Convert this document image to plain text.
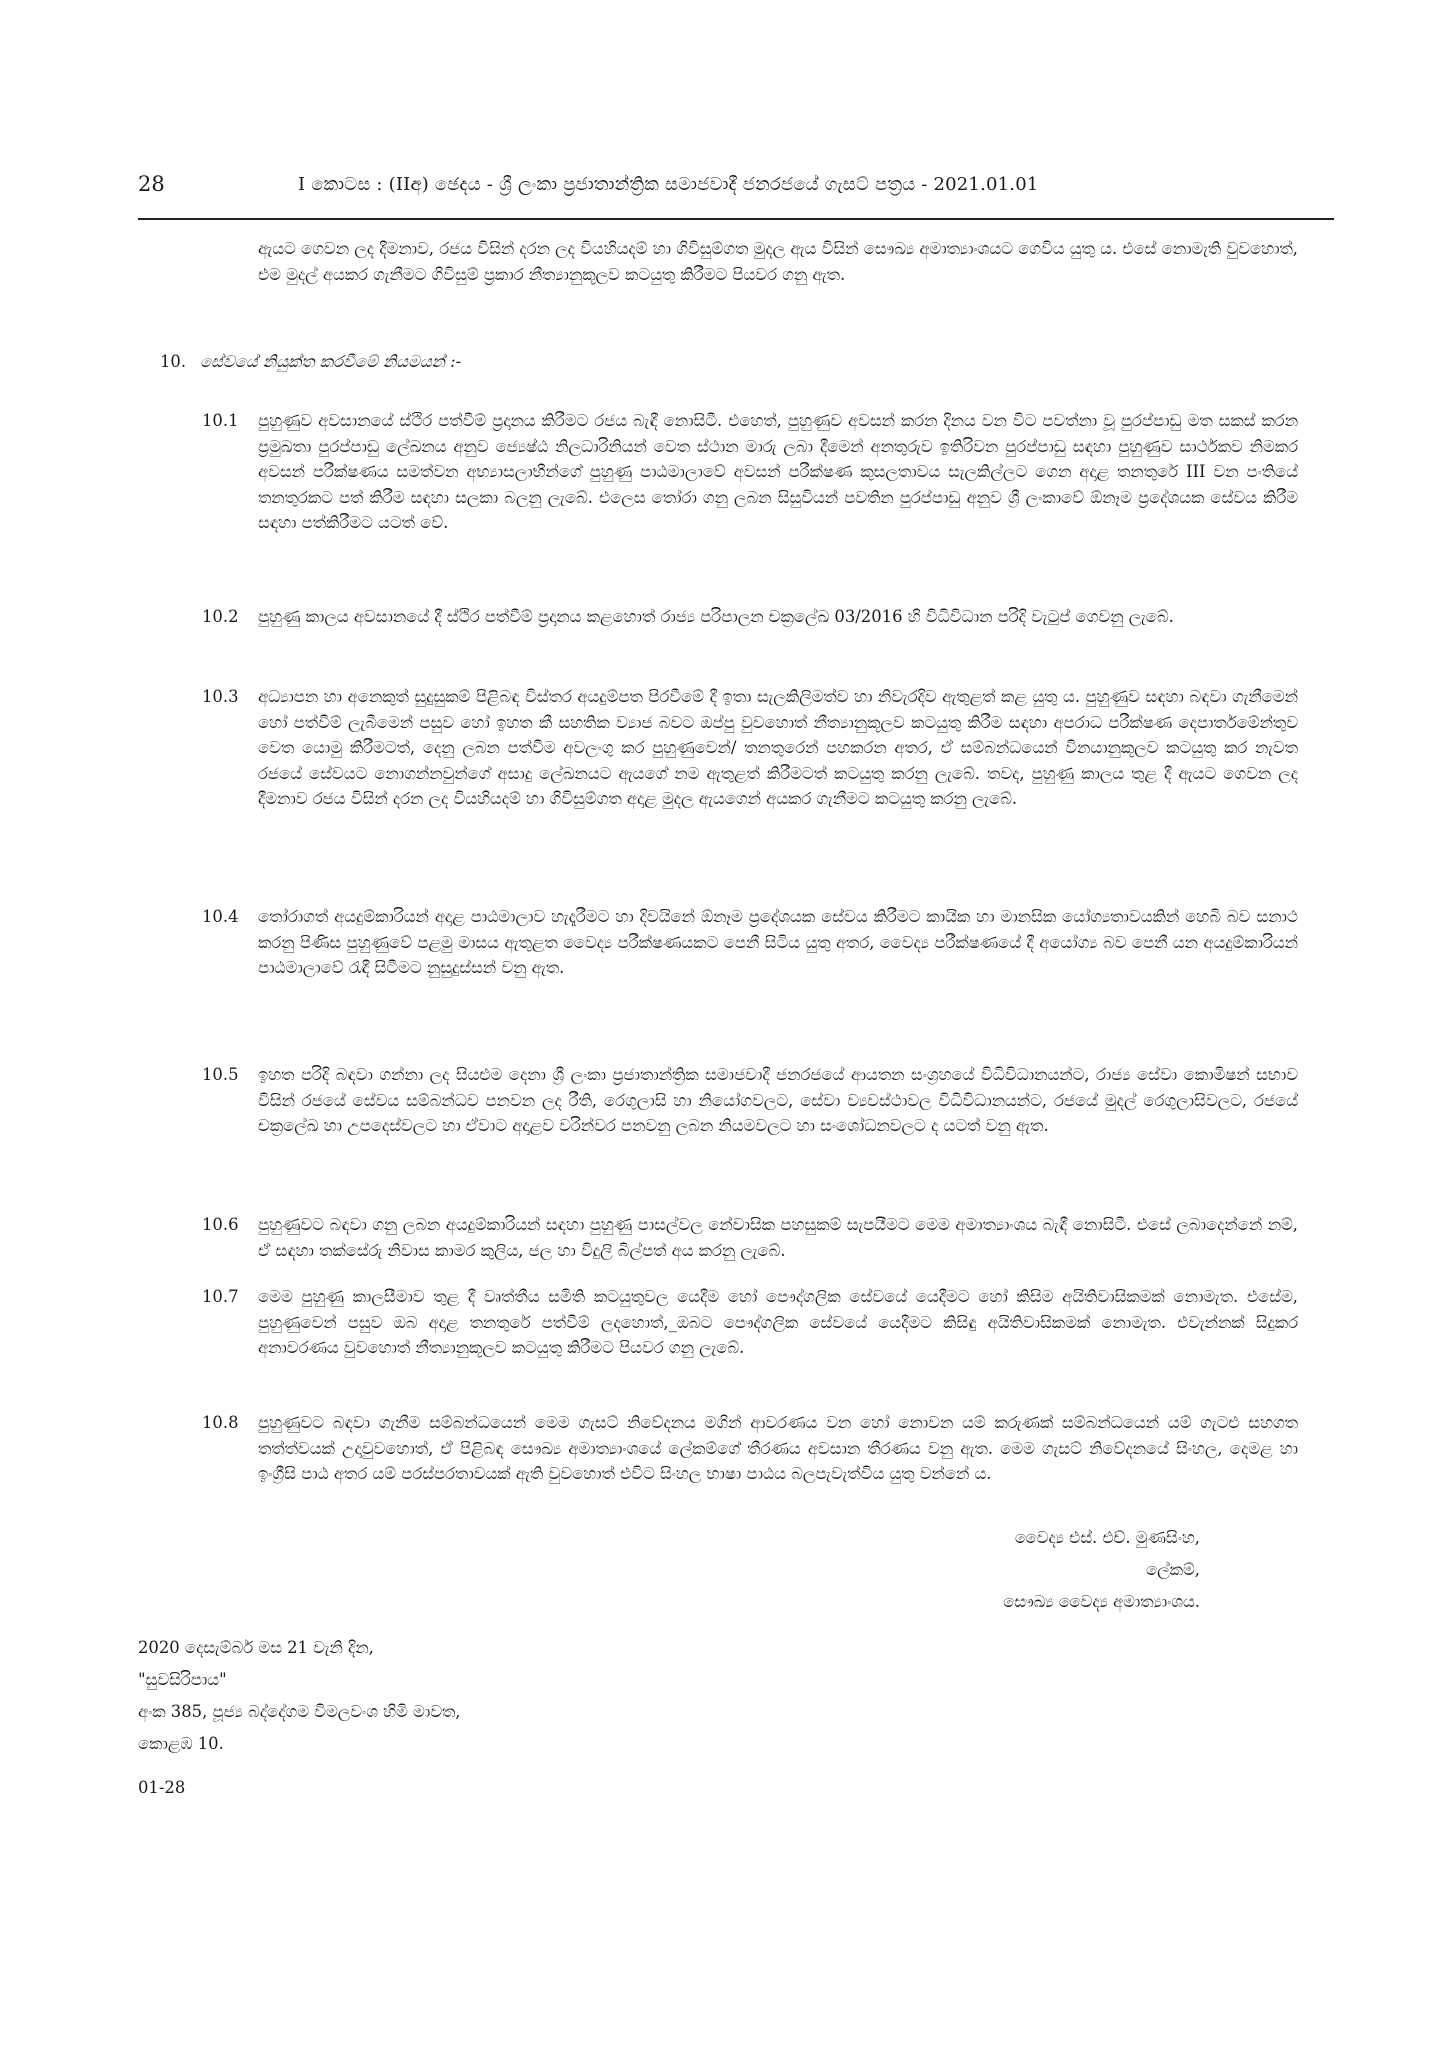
28	I කොටස : (IIඅ) ඡෙදය - ශ්‍රී ලංකා ප්‍රජාතාන්ත්‍රික සමාජවාදී ජනරජයේ ගැසට් පත්‍රය - 2021.01.01
ඇයට ගෙවන ලද දීමනාව, රජය විසින් දරන ලද වියහියදම් හා ගිවිසුම්ගත මුදල ඇය විසින් සෞඛ්‍ය අමාත්‍යාංශයට ගෙවිය යුතු ය. එසේ නොමැති වුවහොත්, එම මුදල් අයකර ගැනීමට ගිවිසුම් ප්‍රකාර නීත්‍යානුකූලව කටයුතු කිරීමට පියවර ගනු ඇත.
10. සේවයේ නියුක්ත කරවීමේ නියමයන් :-
10.1 පුහුණුව අවසානයේ ස්ථිර පත්වීම් ප්‍රදානය කිරීමට රජය බැඳී නොසිටී. එහෙත්, පුහුණුව අවසන් කරන දිනය වන විට පවත්නා වූ පුරප්පාඩු මත සකස් කරන ප්‍රමුඛතා පුරප්පාඩු ලේඛනය අනුව ජ්‍යෙෂ්ඨ නිලධාරිනියන් වෙත ස්ථාන මාරු ලබා දීමෙන් අනතුරුව ඉතිරිවන පුරප්පාඩු සඳහා පුහුණුව සාර්ථකව නිමකර අවසන් පරීක්ෂණය සමත්වන අභ්‍යාසලාභීන්ගේ පුහුණු පාඨමාලාවේ අවසන් පරීක්ෂණ කුසලතාවය සැලකිල්ලට ගෙන අදාළ තනතුරේ III වන පංතියේ තනතුරකට පත් කිරීම සඳහා සලකා බලනු ලැබේ. එලෙස තෝරා ගනු ලබන සිසුවියන් පවතින පුරප්පාඩු අනුව ශ්‍රී ලංකාවේ ඕනෑම ප්‍රදේශයක සේවය කිරීම සඳහා පත්කිරීමට යටත් වේ.
10.2 පුහුණු කාලය අවසානයේ දී ස්ථිර පත්වීම් ප්‍රදානය කළහොත් රාජ්‍ය පරිපාලන චක්‍රලේඛ 03/2016 හි විධිවිධාන පරිදි වැටුප් ගෙවනු ලැබේ.
10.3 අධ්‍යාපන හා අනෙකුත් සුදුසුකම් පිළිබඳ විස්තර අයදුම්පත පිරවීමේ දී ඉතා සැලකිලිමත්ව හා නිවැරදිව ඇතුළත් කළ යුතු ය. පුහුණුව සඳහා බඳවා ගැනීමෙන් හෝ පත්වීම් ලැබීමෙන් පසුව හෝ ඉහත කී සහතික ව්‍යාජ බවට ඔප්පු වුවහොත් නීත්‍යානුකූලව කටයුතු කිරීම සඳහා අපරාධ පරීක්ෂණ දෙපාර්තමේන්තුව වෙත යොමු කිරීමටත්, දෙනු ලබන පත්වීම අවලංගු කර පුහුණුවෙන්/ තනතුරෙන් පහකරන අතර, ඒ සම්බන්ධයෙන් විනයානුකූලව කටයුතු කර නැවත රජයේ සේවයට නොගන්නවුන්ගේ අසාදු ලේඛනයට ඇයගේ නම ඇතුළත් කිරීමටත් කටයුතු කරනු ලැබේ. තවද, පුහුණු කාලය තුළ දී ඇයට ගෙවන ලද දීමනාව රජය විසින් දරන ලද වියහියදම් හා ගිවිසුම්ගත අදාළ මුදල ඇයගෙන් අයකර ගැනීමට කටයුතු කරනු ලැබේ.
10.4 තෝරාගත් අයදුම්කාරියන් අදාළ පාඨමාලාව හැදෑරීමට හා දිවයිනේ ඕනෑම ප්‍රදේශයක සේවය කිරීමට කායික හා මානසික යෝග්‍යතාවයකින් හෙබි බව සනාථ කරනු පිණිස පුහුණුවේ පළමු මාසය ඇතුළත වෛද්‍ය පරීක්ෂණයකට පෙනී සිටිය යුතු අතර, වෛද්‍ය පරීක්ෂණයේ දී අයෝග්‍ය බව පෙනී යන අයදුම්කාරියන් පාඨමාලාවේ රැඳී සිටීමට නුසුදුස්සන් වනු ඇත.
10.5 ඉහත පරිදි බඳවා ගන්නා ලද සියළුම දෙනා ශ්‍රී ලංකා ප්‍රජාතාන්ත්‍රික සමාජවාදී ජනරජයේ ආයතන සංග්‍රහයේ විධිවිධානයන්ට, රාජ්‍ය සේවා කොමිෂන් සභාව විසින් රජයේ සේවය සම්බන්ධව පනවන ලද රීති, රෙගුලාසි හා නියෝගවලට, සේවා ව්‍යවස්ථාවල විධිවිධානයන්ට, රජයේ මුදල් රෙගුලාසිවලට, රජයේ චක්‍රලේඛ හා උපදෙස්වලට හා ඒවාට අදාළව වරින්වර පනවනු ලබන නියමවලට හා සංශෝධනවලට ද යටත් වනු ඇත.
10.6 පුහුණුවට බඳවා ගනු ලබන අයදුම්කාරියන් සඳහා පුහුණු පාසල්වල නේවාසික පහසුකම් සැපයීමට මෙම අමාත්‍යාංශය බැඳී නොසිටී. එසේ ලබාදෙන්නේ නම්, ඒ සඳහා තක්සේරු නිවාස කාමර කුලිය, ජල හා විදුලි බිල්පත් අය කරනු ලැබේ.
10.7 මෙම පුහුණු කාලසීමාව තුළ දී වෘත්තීය සමිති කටයුතුවල යෙදීම හෝ පෞද්ගලික සේවයේ යෙදීමට හෝ කිසිම අයිතිවාසිකමක් නොමැත. එසේම, පුහුණුවෙන් පසුව ඔබ අදාළ තනතුරේ පත්වීම් ලදහොත්,_ඔබට පෞද්ගලික සේවයේ යෙදීමට කිසිඳු අයිතිවාසිකමක් නොමැත. එවැන්නක් සිදුකර අනාවරණය වුවහොත් නීත්‍යානුකූලව කටයුතු කිරීමට පියවර ගනු ලැබේ.
10.8 පුහුණුවට බඳවා ගැනීම සම්බන්ධයෙන් මෙම ගැසට් නිවේදනය මගින් ආවරණය වන හෝ නොවන යම් කරුණක් සම්බන්ධයෙන් යම් ගැටළු සහගත තත්ත්වයක් උදාවුවහොත්, ඒ පිළිබඳ සෞඛ්‍ය අමාත්‍යාංශයේ ලේකම්ගේ තීරණය අවසාන තීරණය වනු ඇත. මෙම ගැසට් නිවේදනයේ සිංහල, දෙමළ හා ඉංග්‍රීසි පාඨ අතර යම් පරස්පරතාවයක් ඇති වුවහොත් එවිට සිංහල භාෂා පාඨය බලපැවැත්විය යුතු වන්නේ ය.
වෛද්‍ය එස්. එච්. මුණසිංහ,
ලේකම්,
සෞඛ්‍ය වෛද්‍ය අමාත්‍යාංශය.
2020 දෙසැම්බර් මස 21 වැනි දින,
"සුවසිරිපාය"
අංක 385, පූජ්‍ය බද්දේගම විමලවංශ හිමි මාවත,
කොළඹ 10.
01-28
